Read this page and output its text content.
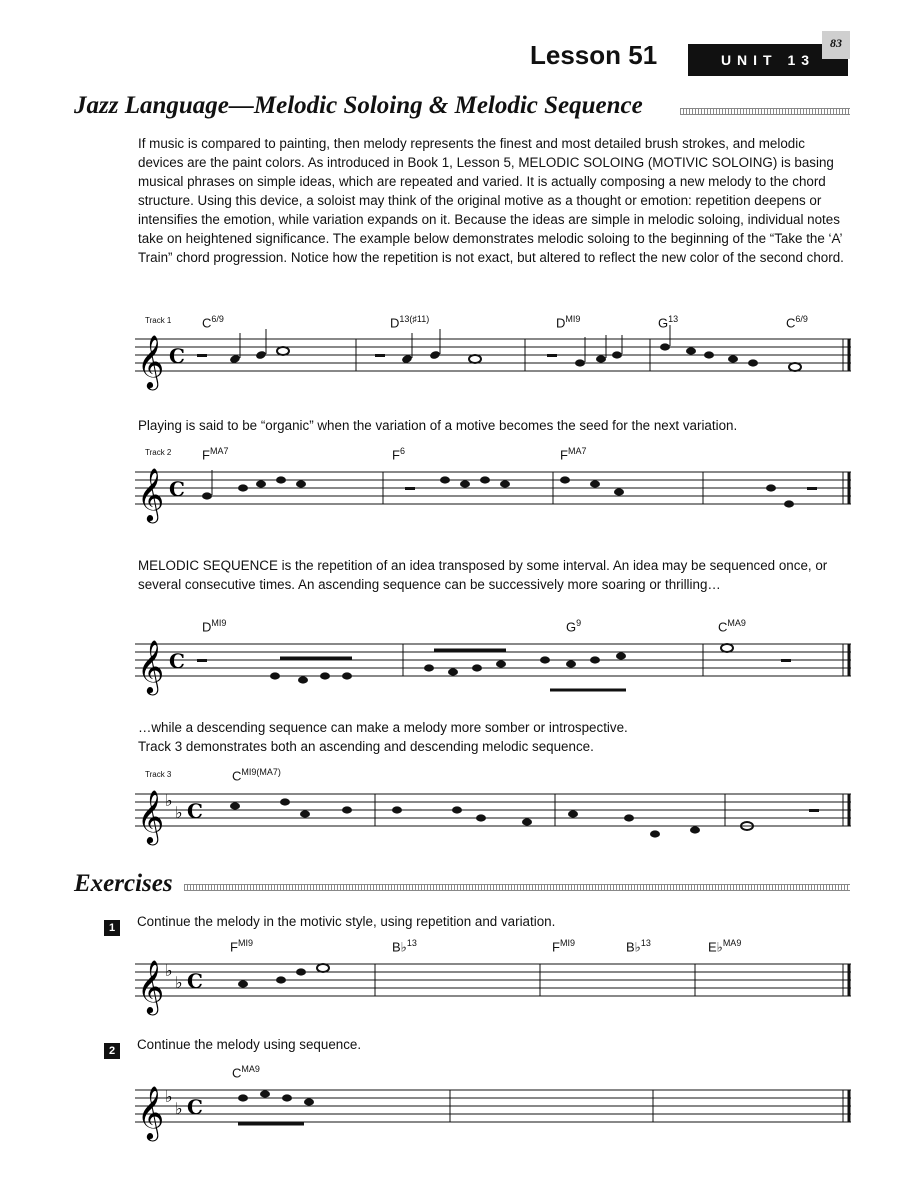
Lesson 51	UNIT 13
83
Jazz Language—Melodic Soloing & Melodic Sequence
If music is compared to painting, then melody represents the finest and most detailed brush strokes, and melodic devices are the paint colors. As introduced in Book 1, Lesson 5, MELODIC SOLOING (MOTIVIC SOLOING) is basing musical phrases on simple ideas, which are repeated and varied. It is actually composing a new melody to the chord structure. Using this device, a soloist may think of the original motive as a thought or emotion: repetition deepens or intensifies the emotion, while variation expands on it. Because the ideas are simple in melodic soloing, individual notes take on heightened significance. The example below demonstrates melodic soloing to the beginning of the “Take the ‘A’ Train” chord progression. Notice how the repetition is not exact, but altered to reflect the new color of the second chord.
Track 1 $C^{6/9}$	$D^{13(♯11)}$	$D^{MI9}$	$G^{13}$	$C^{6/9}$
𝄞 C
Playing is said to be “organic” when the variation of a motive becomes the seed for the next variation.
Track 2 $F^{MA7}$	$F^6$	$F^{MA7}$
𝄞 C
MELODIC SEQUENCE is the repetition of an idea transposed by some interval. An idea may be sequenced once, or several consecutive times. An ascending sequence can be successively more soaring or thrilling…
$D^{MI9}$	$G^9$	$C^{MA9}$
𝄞 C
…while a descending sequence can make a melody more somber or introspective.
Track 3 demonstrates both an ascending and descending melodic sequence.
Track 3	$C^{MI9(MA7)}$
𝄞 ♭
♭ C
Exercises
1	Continue the melody in the motivic style, using repetition and variation.
$F^{MI9}$	B♭$^{13}$	$F^{MI9}$	B♭$^{13}$	E♭$^{MA9}$
𝄞 ♭
♭ C
2	Continue the melody using sequence.
$C^{MA9}$
𝄞 ♭
♭ C
